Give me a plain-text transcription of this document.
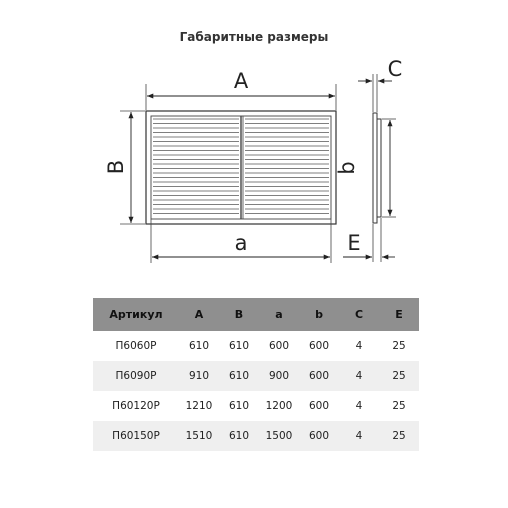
Габаритные размеры
A
B
a
b
C
E
Артикул	A	B	a	b	C	E
П6060Р	610	610	600	600	4	25
П6090Р	910	610	900	600	4	25
П60120Р	1210	610	1200	600	4	25
П60150Р	1510	610	1500	600	4	25
